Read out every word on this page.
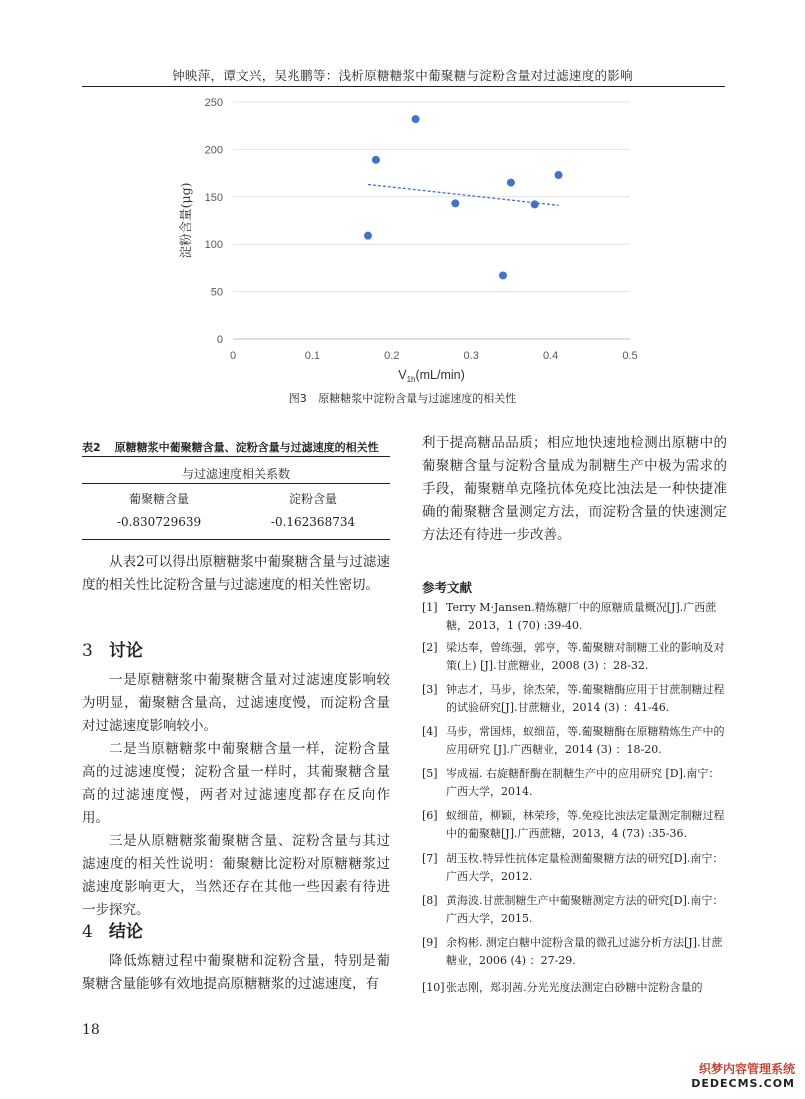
钟映萍，谭文兴，吴兆鹏等：浅析原糖糖浆中葡聚糖与淀粉含量对过滤速度的影响
0
50
100
150
200
250
0	0.1	0.2	0.3	0.4	0.5
$V_{1h}(mL/\min)$
淀粉含量(μg)
图3 原糖糖浆中淀粉含量与过滤速度的相关性
表2 原糖糖浆中葡聚糖含量、淀粉含量与过滤速度的相关性
与过滤速度相关系数
葡聚糖含量	淀粉含量
-0.830729639	-0.162368734

从表2可以得出原糖糖浆中葡聚糖含量与过滤速度的相关性比淀粉含量与过滤速度的相关性密切。

3 讨论

一是原糖糖浆中葡聚糖含量对过滤速度影响较为明显，葡聚糖含量高，过滤速度慢，而淀粉含量对过滤速度影响较小。

二是当原糖糖浆中葡聚糖含量一样，淀粉含量高的过滤速度慢；淀粉含量一样时，其葡聚糖含量高的过滤速度慢，两者对过滤速度都存在反向作用。

三是从原糖糖浆葡聚糖含量、淀粉含量与其过滤速度的相关性说明：葡聚糖比淀粉对原糖糖浆过滤速度影响更大，当然还存在其他一些因素有待进一步探究。

4 结论

降低炼糖过程中葡聚糖和淀粉含量，特别是葡聚糖含量能够有效地提高原糖糖浆的过滤速度，有

利于提高糖品品质；相应地快速地检测出原糖中的葡聚糖含量与淀粉含量成为制糖生产中极为需求的手段，葡聚糖单克隆抗体免疫比浊法是一种快捷准确的葡聚糖含量测定方法，而淀粉含量的快速测定方法还有待进一步改善。

参考文献
[1] Terry M·Jansen.精炼糖厂中的原糖质量概况[J].广西蔗糖，2013，1 (70) :39-40.
[2] 梁达奉，曾练强，郭亨，等.葡聚糖对制糖工业的影响及对策(上) [J].甘蔗糖业，2008 (3) ：28-32.
[3] 钟志才，马步，徐杰荣，等.葡聚糖酶应用于甘蔗制糖过程的试验研究[J].甘蔗糖业，2014 (3) ：41-46.
[4] 马步，常国炜，蚁细苗，等.葡聚糖酶在原糖精炼生产中的应用研究 [J].广西糖业，2014 (3) ：18-20.
[5] 岑成福. 右旋糖酐酶在制糖生产中的应用研究 [D].南宁：广西大学，2014.
[6] 蚁细苗，柳颖，林荣珍，等.免疫比浊法定量测定制糖过程中的葡聚糖[J].广西蔗糖，2013，4 (73) :35-36.
[7] 胡玉枚.特异性抗体定量检测葡聚糖方法的研究[D].南宁：广西大学，2012.
[8] 黄海波.甘蔗制糖生产中葡聚糖测定方法的研究[D].南宁：广西大学，2015.
[9] 余构彬. 测定白糖中淀粉含量的微孔过滤分析方法[J].甘蔗糖业，2006 (4) ：27-29.
[10] 张志刚，郑羽茜.分光光度法测定白砂糖中淀粉含量的
18
织梦内容管理系统
DEDECMS.COM
